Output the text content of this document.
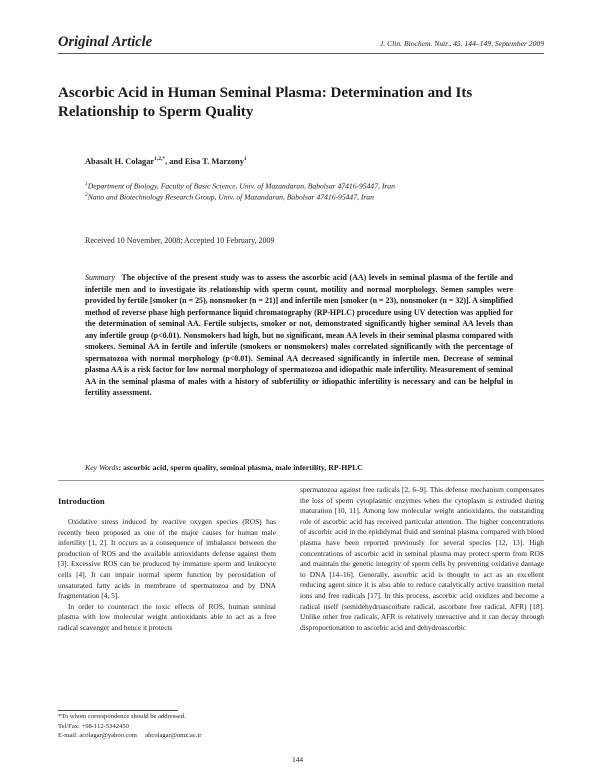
Original Article	J. Clin. Biochem. Nutr., 45, 144–149, September 2009
Ascorbic Acid in Human Seminal Plasma: Determination and Its Relationship to Sperm Quality
Abasalt H. Colagar$^{1,2,*}$, and Eisa T. Marzony$^1$
$^1$Department of Biology, Faculty of Basic Science, Univ. of Mazandaran, Babolsar 47416-95447, Iran
$^2$Nano and Biotechnology Research Group, Univ. of Mazandaran, Babolsar 47416-95447, Iran
Received 10 November, 2008; Accepted 10 February, 2009
Summary The objective of the present study was to assess the ascorbic acid (AA) levels in seminal plasma of the fertile and infertile men and to investigate its relationship with sperm count, motility and normal morphology. Semen samples were provided by fertile [smoker (n = 25), nonsmoker (n = 21)] and infertile men [smoker (n = 23), nonsmoker (n = 32)]. A simplified method of reverse phase high performance liquid chromatography (RP-HPLC) procedure using UV detection was applied for the determination of seminal AA. Fertile subjects, smoker or not, demonstrated significantly higher seminal AA levels than any infertile group (p<0.01). Nonsmokers had high, but no significant, mean AA levels in their seminal plasma compared with smokers. Seminal AA in fertile and infertile (smokers or nonsmokers) males correlated significantly with the percentage of spermatozoa with normal morphology (p<0.01). Seminal AA decreased significantly in infertile men. Decrease of seminal plasma AA is a risk factor for low normal morphology of spermatozoa and idiopathic male infertility. Measurement of seminal AA in the seminal plasma of males with a history of subfertility or idiopathic infertility is necessary and can be helpful in fertility assessment.
Key Words: ascorbic acid, sperm quality, seminal plasma, male infertility, RP-HPLC
Introduction

Oxidative stress induced by reactive oxygen species (ROS) has recently been proposed as one of the major causes for human male infertility [1, 2]. It occurs as a consequence of imbalance between the production of ROS and the available antioxidants defense against them [3]. Excessive ROS can be produced by immature sperm and leukocyte cells [4]. It can impair normal sperm function by peroxidation of unsaturated fatty acids in membrane of spermatozoa and by DNA fragmentation [4, 5].

In order to counteract the toxic effects of ROS, human seminal plasma with low molecular weight antioxidants able to act as a free radical scavenger and hence it protects

spermatozoa against free radicals [2, 6–9]. This defense mechanism compensates the loss of sperm cytoplasmic enzymes when the cytoplasm is extruded during maturation [10, 11]. Among low molecular weight antioxidants, the outstanding role of ascorbic acid has received particular attention. The higher concentrations of ascorbic acid in the epididymal fluid and seminal plasma compared with blood plasma have been reported previously for several species [12, 13]. High concentrations of ascorbic acid in seminal plasma may protect sperm from ROS and maintain the genetic integrity of sperm cells by preventing oxidative damage to DNA [14–16]. Generally, ascorbic acid is thought to act as an excellent reducing agent since it is also able to reduce catalytically active transition metal ions and free radicals [17]. In this process, ascorbic acid oxidizes and become a radical itself (semidehydroascorbate radical, ascorbate free radical, AFR) [18]. Unlike other free radicals, AFR is relatively unreactive and it can decay through disproportionation to ascorbic acid and dehydroascorbic

*To whom correspondence should be addressed.
Tel/Fax: +98-112-5342450
E-mail: acolagar@yahoo.com     ahcolagar@umz.ac.ir
144
